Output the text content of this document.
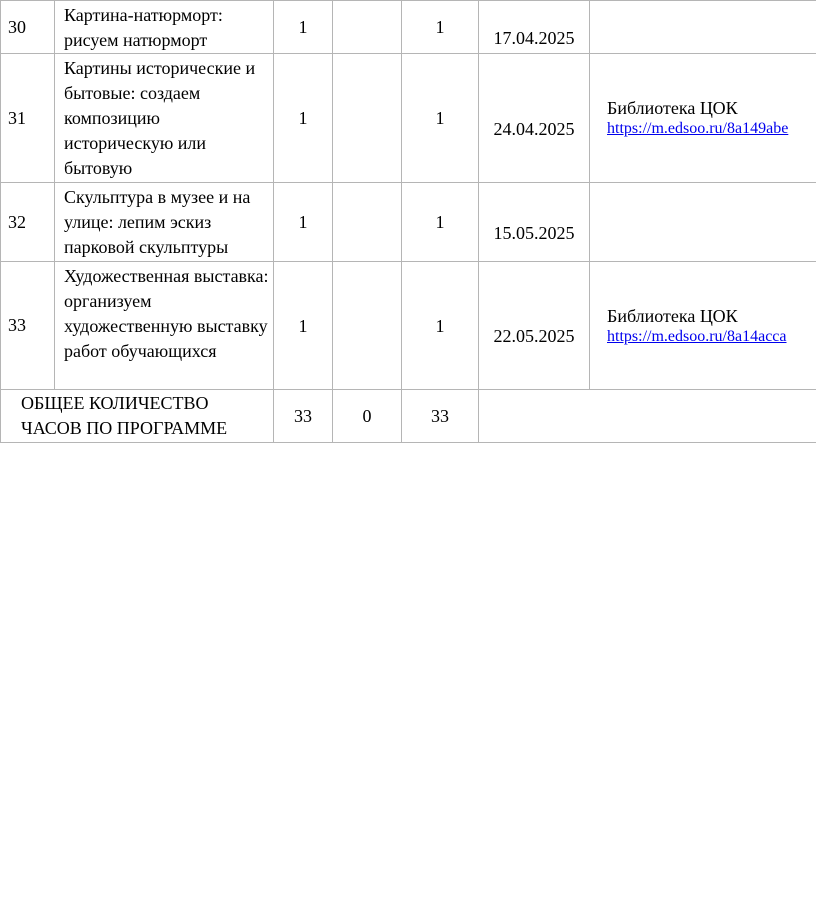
30	Картина-натюрморт: рисуем натюрморт	1		1	17.04.2025	

31	Картины исторические и бытовые: создаем композицию историческую или бытовую	1		1	24.04.2025	Библиотека ЦОК
https://m.edsoo.ru/8a149abe

32	Скульптура в музее и на улице: лепим эскиз парковой скульптуры	1		1	15.05.2025	

33	Художественная выставка: организуем художественную выставку работ обучающихся	1		1	22.05.2025	Библиотека ЦОК
https://m.edsoo.ru/8a14acca

ОБЩЕЕ КОЛИЧЕСТВО ЧАСОВ ПО ПРОГРАММЕ		33	0	33		
